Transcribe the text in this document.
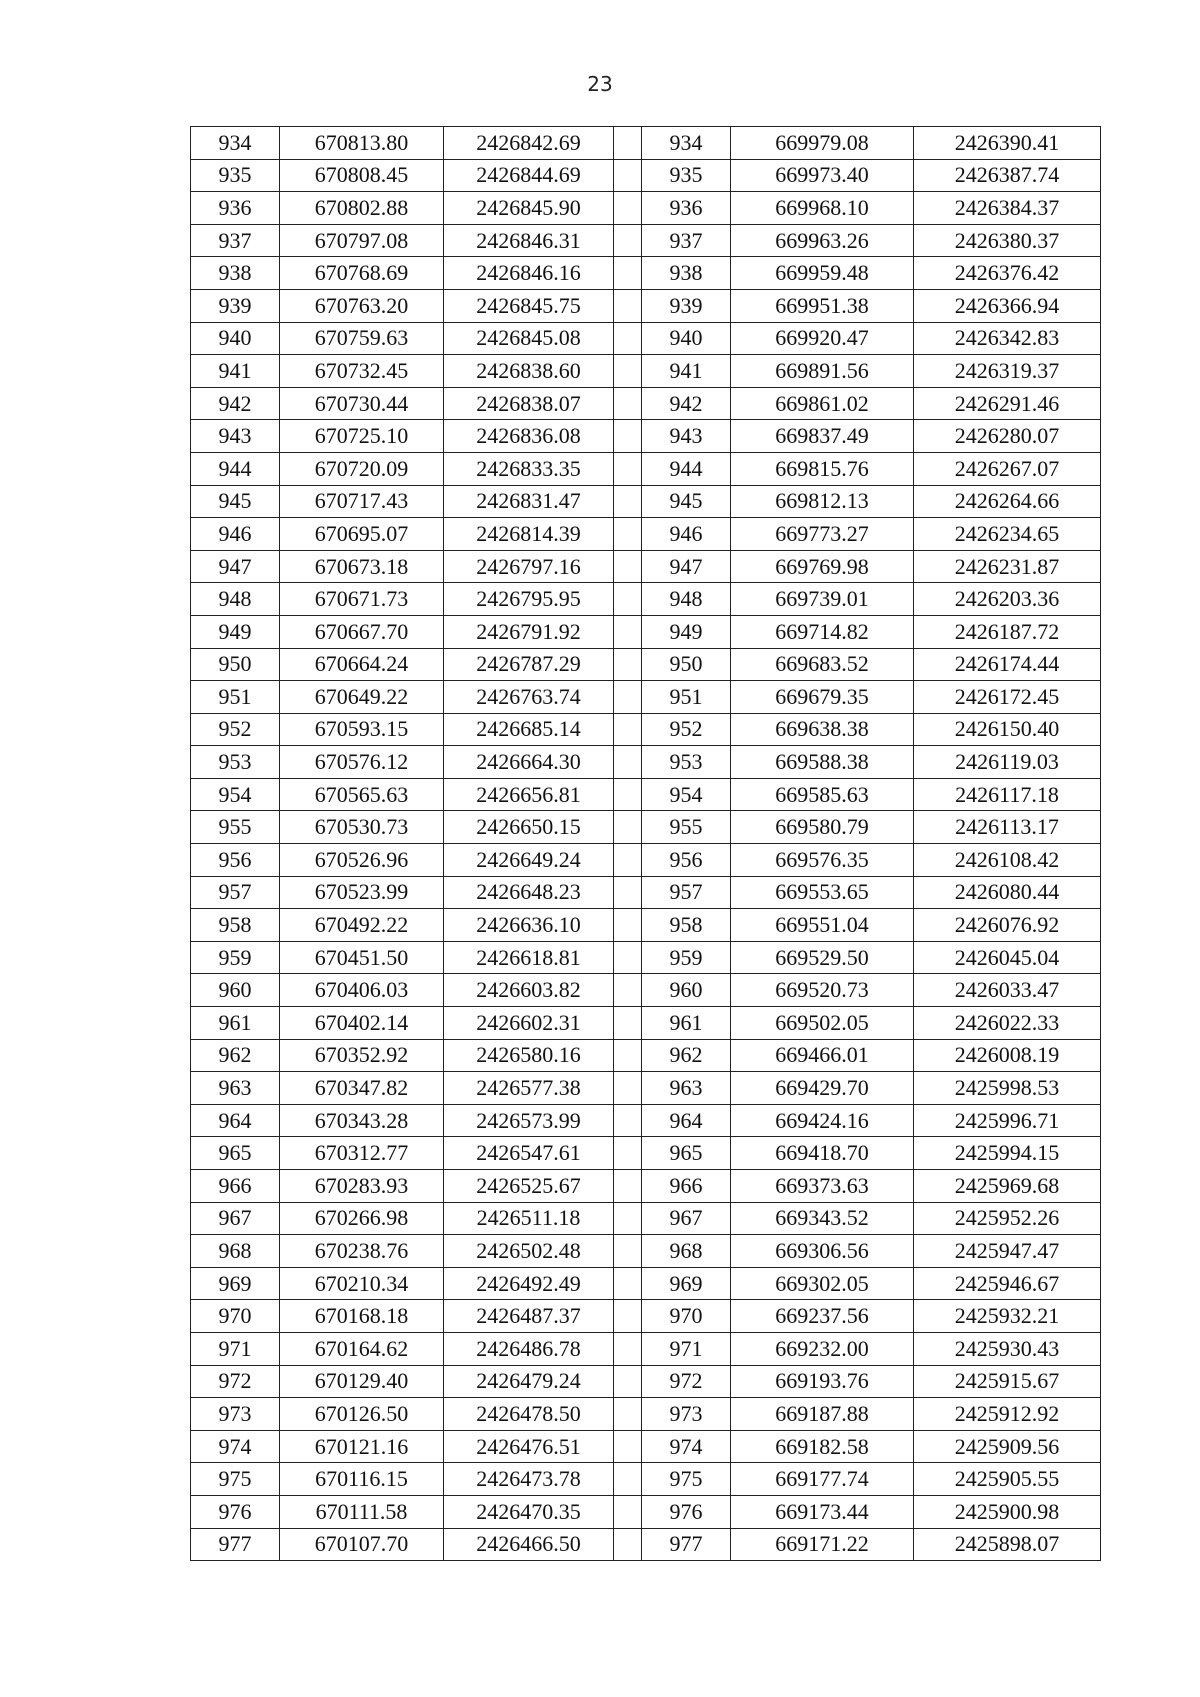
23
934	670813.80	2426842.69		934	669979.08	2426390.41
935	670808.45	2426844.69		935	669973.40	2426387.74
936	670802.88	2426845.90		936	669968.10	2426384.37
937	670797.08	2426846.31		937	669963.26	2426380.37
938	670768.69	2426846.16		938	669959.48	2426376.42
939	670763.20	2426845.75		939	669951.38	2426366.94
940	670759.63	2426845.08		940	669920.47	2426342.83
941	670732.45	2426838.60		941	669891.56	2426319.37
942	670730.44	2426838.07		942	669861.02	2426291.46
943	670725.10	2426836.08		943	669837.49	2426280.07
944	670720.09	2426833.35		944	669815.76	2426267.07
945	670717.43	2426831.47		945	669812.13	2426264.66
946	670695.07	2426814.39		946	669773.27	2426234.65
947	670673.18	2426797.16		947	669769.98	2426231.87
948	670671.73	2426795.95		948	669739.01	2426203.36
949	670667.70	2426791.92		949	669714.82	2426187.72
950	670664.24	2426787.29		950	669683.52	2426174.44
951	670649.22	2426763.74		951	669679.35	2426172.45
952	670593.15	2426685.14		952	669638.38	2426150.40
953	670576.12	2426664.30		953	669588.38	2426119.03
954	670565.63	2426656.81		954	669585.63	2426117.18
955	670530.73	2426650.15		955	669580.79	2426113.17
956	670526.96	2426649.24		956	669576.35	2426108.42
957	670523.99	2426648.23		957	669553.65	2426080.44
958	670492.22	2426636.10		958	669551.04	2426076.92
959	670451.50	2426618.81		959	669529.50	2426045.04
960	670406.03	2426603.82		960	669520.73	2426033.47
961	670402.14	2426602.31		961	669502.05	2426022.33
962	670352.92	2426580.16		962	669466.01	2426008.19
963	670347.82	2426577.38		963	669429.70	2425998.53
964	670343.28	2426573.99		964	669424.16	2425996.71
965	670312.77	2426547.61		965	669418.70	2425994.15
966	670283.93	2426525.67		966	669373.63	2425969.68
967	670266.98	2426511.18		967	669343.52	2425952.26
968	670238.76	2426502.48		968	669306.56	2425947.47
969	670210.34	2426492.49		969	669302.05	2425946.67
970	670168.18	2426487.37		970	669237.56	2425932.21
971	670164.62	2426486.78		971	669232.00	2425930.43
972	670129.40	2426479.24		972	669193.76	2425915.67
973	670126.50	2426478.50		973	669187.88	2425912.92
974	670121.16	2426476.51		974	669182.58	2425909.56
975	670116.15	2426473.78		975	669177.74	2425905.55
976	670111.58	2426470.35		976	669173.44	2425900.98
977	670107.70	2426466.50		977	669171.22	2425898.07
